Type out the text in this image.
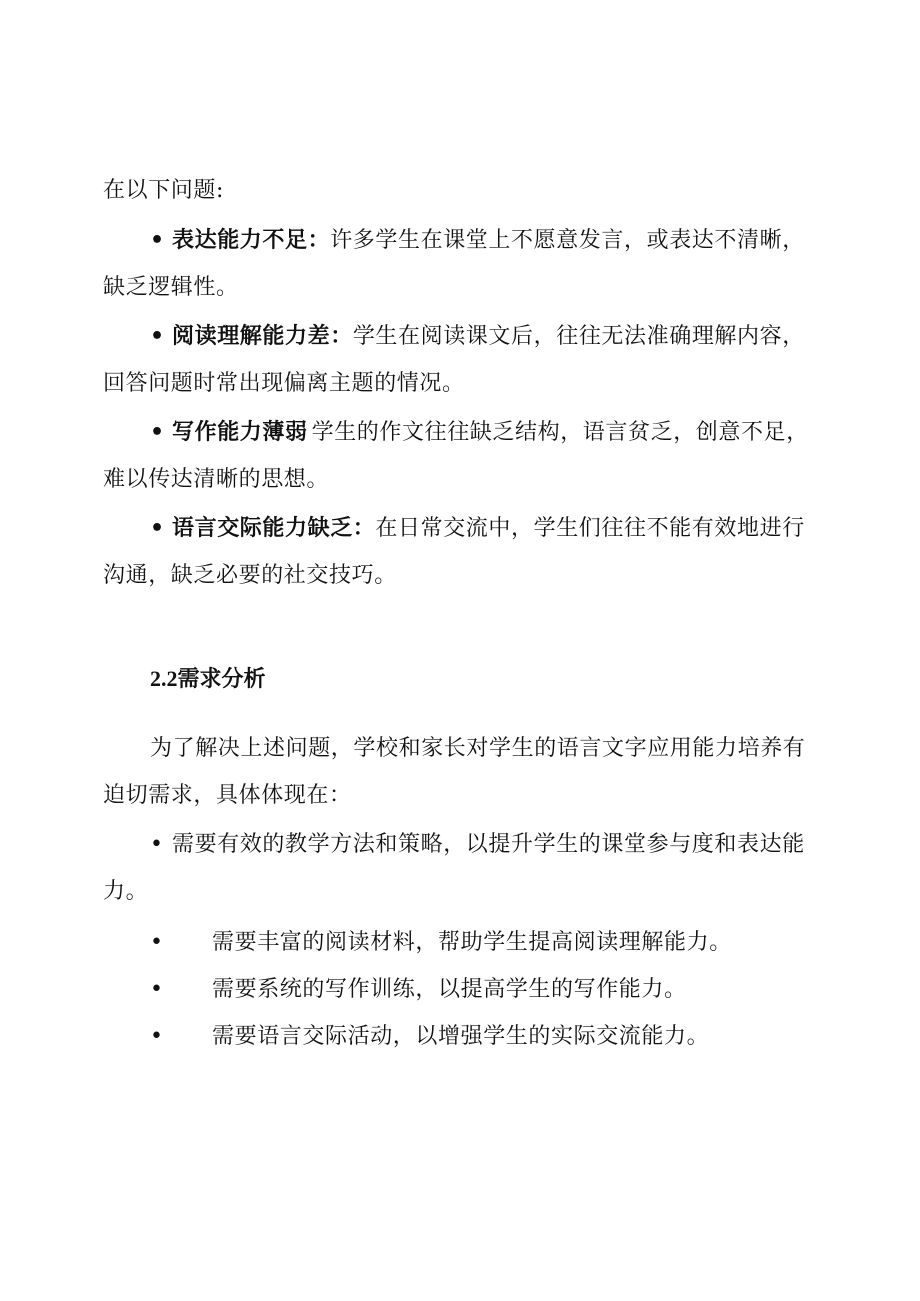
在以下问题:
• 表达能力不足：许多学生在课堂上不愿意发言，或表达不清晰，
缺乏逻辑性。
• 阅读理解能力差：学生在阅读课文后，往往无法准确理解内容，
回答问题时常出现偏离主题的情况。
• 写作能力薄弱 学生的作文往往缺乏结构，语言贫乏，创意不足，
难以传达清晰的思想。
• 语言交际能力缺乏：在日常交流中，学生们往往不能有效地进行
沟通，缺乏必要的社交技巧。
2.2需求分析
为了解决上述问题，学校和家长对学生的语言文字应用能力培养有
迫切需求，具体体现在：
• 需要有效的教学方法和策略，以提升学生的课堂参与度和表达能
力。
• 需要丰富的阅读材料，帮助学生提高阅读理解能力。
• 需要系统的写作训练，以提高学生的写作能力。
• 需要语言交际活动，以增强学生的实际交流能力。
